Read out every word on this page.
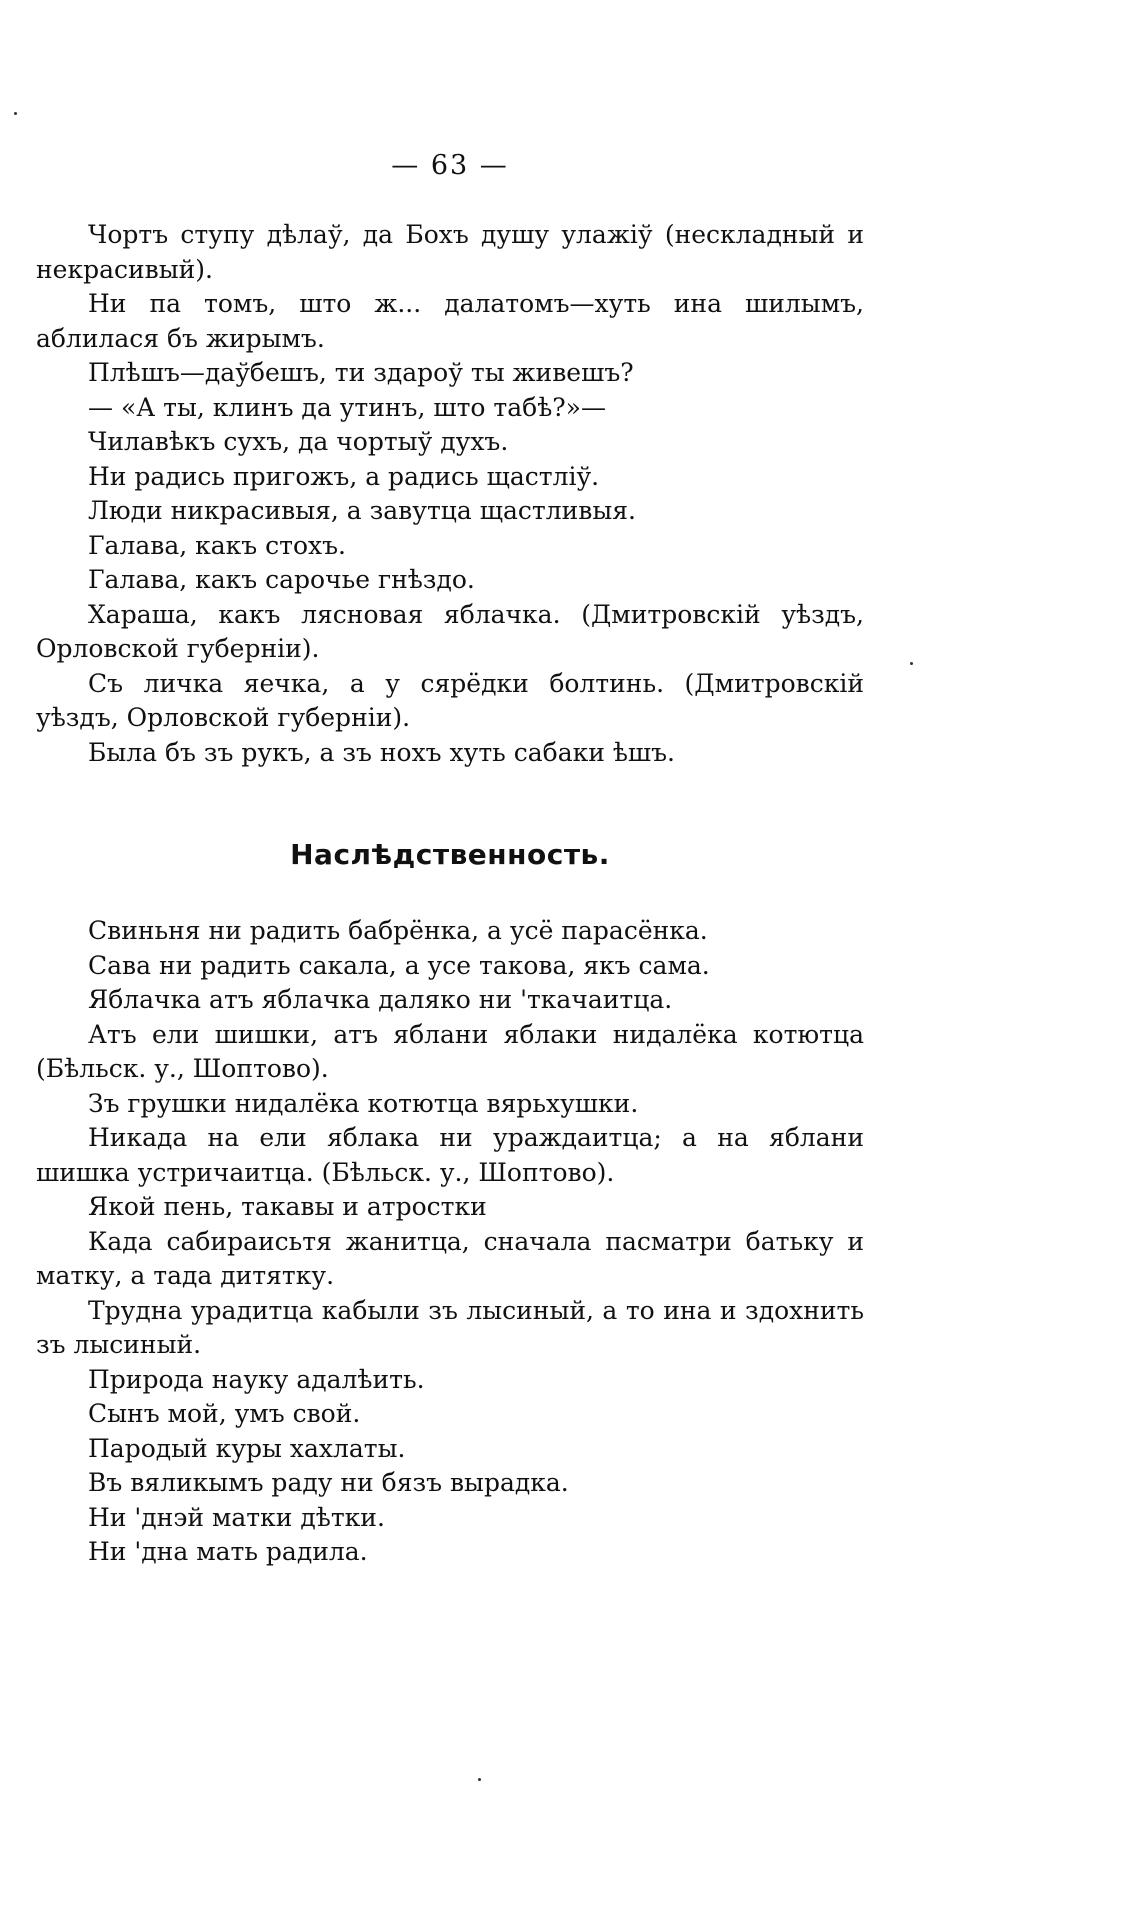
— 63 —

Чортъ ступу дѣлаў, да Бохъ душу улажiў (нескладный и некрасивый).

Ни па томъ, што ж... далатомъ—хуть ина шилымъ, аблилася бъ жирымъ.

Плѣшъ—даўбешъ, ти здароў ты живешъ?

— «А ты, клинъ да утинъ, што табѣ?»—

Чилавѣкъ сухъ, да чортыў духъ.

Ни радись пригожъ, а радись щастлiў.

Люди никрасивыя, а завутца щастливыя.

Галава, какъ стохъ.

Галава, какъ сарочье гнѣздо.

Хараша, какъ лясновая яблачка. (Дмитровскiй уѣздъ, Орловской губернiи).

Съ личка яечка, а у сярёдки болтинь. (Дмитровскiй уѣздъ, Орловской губернiи).

Была бъ зъ рукъ, а зъ нохъ хуть сабаки ѣшъ.

Наслѣдственность.

Свиньня ни радить бабрёнка, а усё парасёнка.

Сава ни радить сакала, а усе такова, якъ сама.

Яблачка атъ яблачка даляко ни 'ткачаитца.

Атъ ели шишки, атъ яблани яблаки нидалёка котютца (Бѣльск. у., Шоптово).

Зъ грушки нидалёка котютца вярьхушки.

Никада на ели яблака ни ураждаитца; а на яблани шишка устричаитца. (Бѣльск. у., Шоптово).

Якой пень, такавы и атростки

Када сабираисьтя жанитца, сначала пасматри батьку и матку, а тада дитятку.

Трудна урадитца кабыли зъ лысиный, а то ина и здохнить зъ лысиный.

Природа науку адалѣить.

Сынъ мой, умъ свой.

Пародый куры хахлаты.

Въ вяликымъ раду ни бязъ вырадка.

Ни 'днэй матки дѣтки.

Ни 'дна мать радила.
